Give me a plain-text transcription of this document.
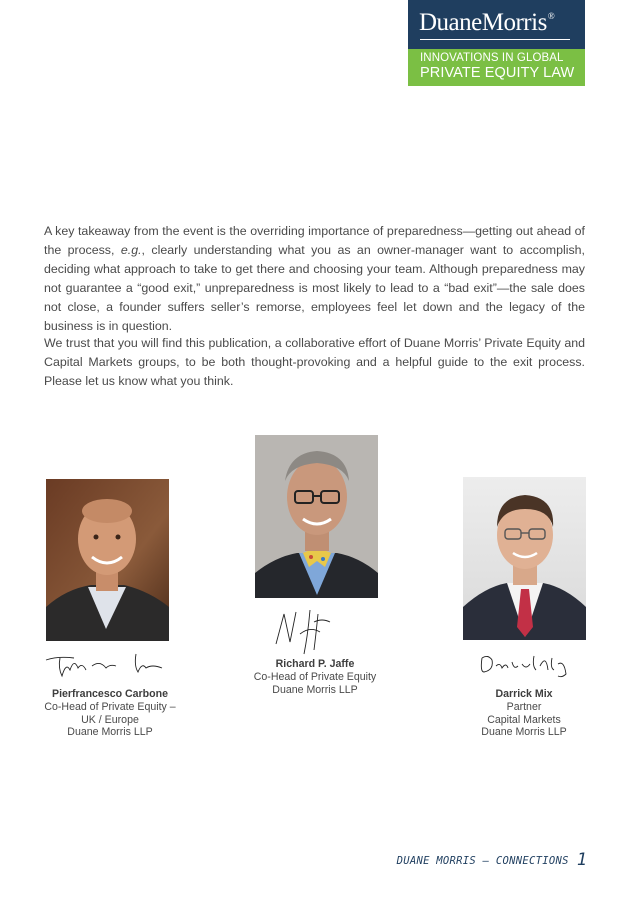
DuaneMorris®
INNOVATIONS IN GLOBAL
PRIVATE EQUITY LAW

A key takeaway from the event is the overriding importance of preparedness—getting out ahead of the process, e.g., clearly understanding what you as an owner-manager want to accomplish, deciding what approach to take to get there and choosing your team. Although preparedness may not guarantee a “good exit,” unpreparedness is most likely to lead to a “bad exit”—the sale does not close, a founder suffers seller’s remorse, employees feel let down and the legacy of the business is in question.

We trust that you will find this publication, a collaborative effort of Duane Morris’ Private Equity and Capital Markets groups, to be both thought-provoking and a helpful guide to the exit process. Please let us know what you think.

Pierfrancesco Carbone
Co-Head of Private Equity –
UK / Europe
Duane Morris LLP
Richard P. Jaffe
Co-Head of Private Equity
Duane Morris LLP	Darrick Mix
Partner
Capital Markets
Duane Morris LLP
DUANE MORRIS — CONNECTIONS 1
